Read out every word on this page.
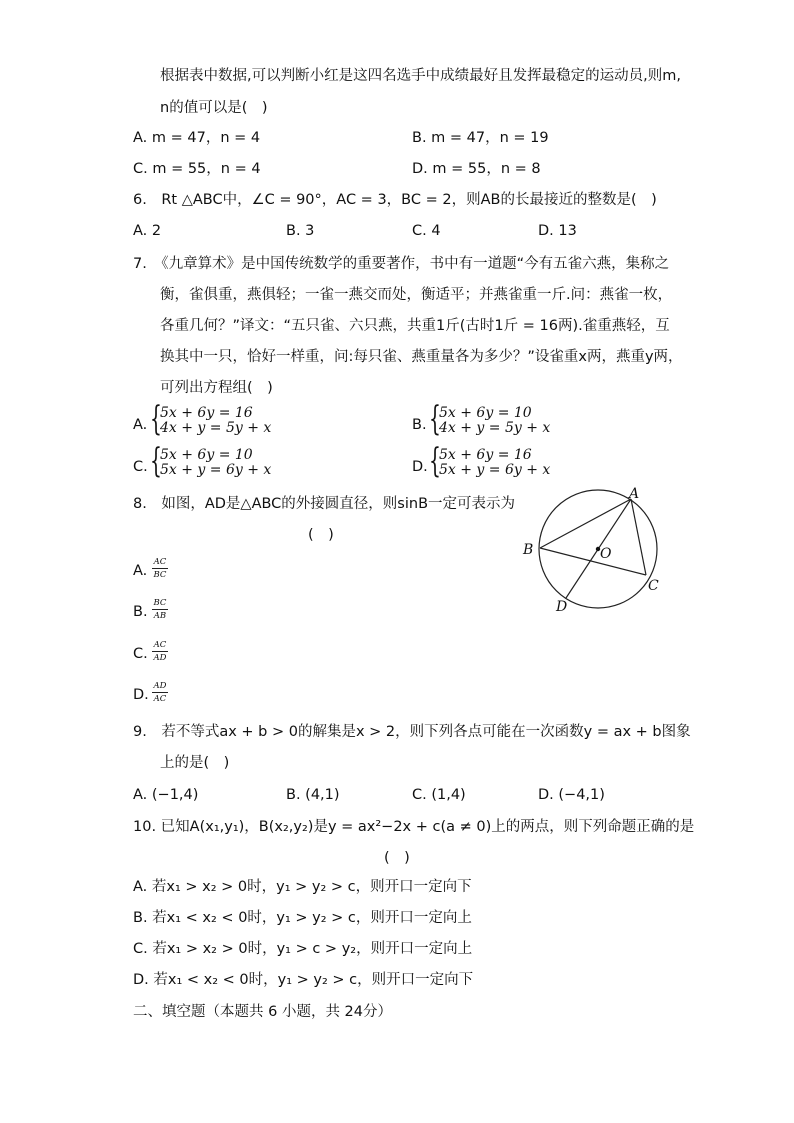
根据表中数据,可以判断小红是这四名选手中成绩最好且发挥最稳定的运动员,则m,
n的值可以是(　)
A. m = 47，n = 4	B. m = 47，n = 19
C. m = 55，n = 4	D. m = 55，n = 8
6.　Rt △ABC中，∠C = 90°，AC = 3，BC = 2，则AB的长最接近的整数是(　)
A. 2	B. 3	C. 4	D. 13
7.　《九章算术》是中国传统数学的重要著作，书中有一道题“今有五雀六燕，集称之
衡，雀俱重，燕俱轻；一雀一燕交而处，衡适平；并燕雀重一斤.问：燕雀一枚，
各重几何？”译文：“五只雀、六只燕，共重1斤(古时1斤 = 16两).雀重燕轻，互
换其中一只，恰好一样重，问:每只雀、燕重量各为多少？”设雀重x两，燕重y两，
可列出方程组(　)
A. {
5x + 6y = 16
4x + y = 5y + x	B. {
5x + 6y = 10
4x + y = 5y + x
C. {
5x + 6y = 10
5x + y = 6y + x	D. {
5x + 6y = 16
5x + y = 6y + x
8.　如图，AD是△ABC的外接圆直径，则sinB一定可表示为
(　)
A. $\frac{AC}{BC}$
B. $\frac{BC}{AB}$
C. $\frac{AC}{AD}$
D. $\frac{AD}{AC}$
A
B
C
D
O
9.　若不等式ax + b > 0的解集是x > 2，则下列各点可能在一次函数y = ax + b图象
上的是(　)
A. (−1,4)	B. (4,1)	C. (1,4)	D. (−4,1)
10. 已知A(x₁,y₁)，B(x₂,y₂)是y = ax²−2x + c(a ≠ 0)上的两点，则下列命题正确的是
(　)
A. 若x₁ > x₂ > 0时，y₁ > y₂ > c，则开口一定向下
B. 若x₁ < x₂ < 0时，y₁ > y₂ > c，则开口一定向上
C. 若x₁ > x₂ > 0时，y₁ > c > y₂，则开口一定向上
D. 若x₁ < x₂ < 0时，y₁ > y₂ > c，则开口一定向下
二、填空题（本题共 6 小题，共 24分）
